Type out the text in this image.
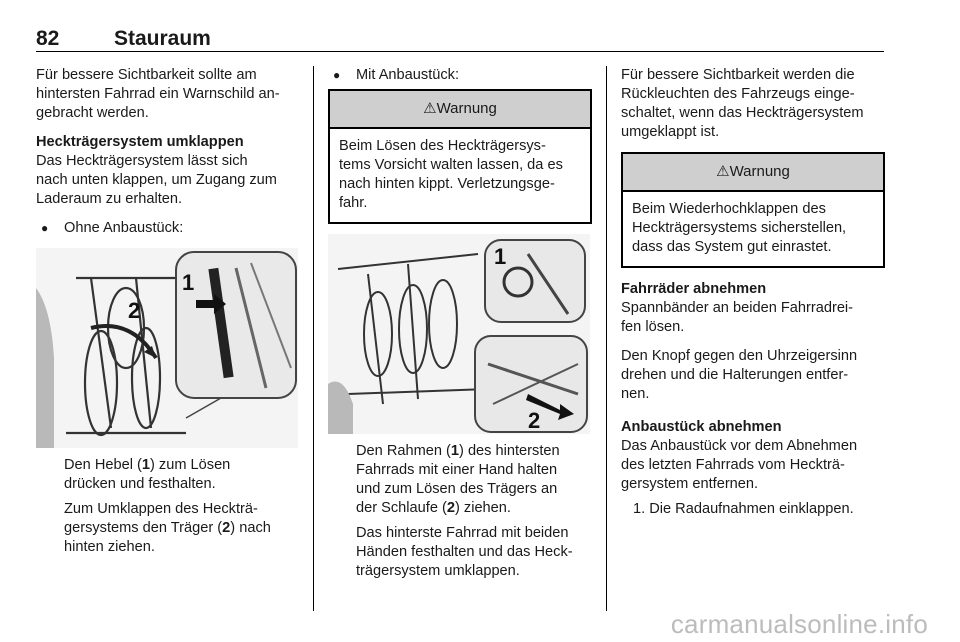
82	Stauraum

Für bessere Sichtbarkeit sollte am
hintersten Fahrrad ein Warnschild an-
gebracht werden.

Heckträgersystem umklappen
Das Heckträgersystem lässt sich
nach unten klappen, um Zugang zum
Laderaum zu erhalten.
● Ohne Anbaustück:
2
1
Den Hebel (1) zum Lösen
drücken und festhalten.
Zum Umklappen des Heckträ-
gersystems den Träger (2) nach
hinten ziehen.
● Mit Anbaustück:
⚠Warnung
Beim Lösen des Heckträgersys-
tems Vorsicht walten lassen, da es
nach hinten kippt. Verletzungsge-
fahr.
1
2
Den Rahmen (1) des hintersten
Fahrrads mit einer Hand halten
und zum Lösen des Trägers an
der Schlaufe (2) ziehen.
Das hinterste Fahrrad mit beiden
Händen festhalten und das Heck-
trägersystem umklappen.

Für bessere Sichtbarkeit werden die
Rückleuchten des Fahrzeugs einge-
schaltet, wenn das Heckträgersystem
umgeklappt ist.

⚠Warnung
Beim Wiederhochklappen des
Heckträgersystems sicherstellen,
dass das System gut einrastet.
Fahrräder abnehmen
Spannbänder an beiden Fahrradrei-
fen lösen.
Den Knopf gegen den Uhrzeigersinn
drehen und die Halterungen entfer-
nen.
Anbaustück abnehmen
Das Anbaustück vor dem Abnehmen
des letzten Fahrrads vom Heckträ-
gersystem entfernen.
1. Die Radaufnahmen einklappen.
carmanualsonline.info
